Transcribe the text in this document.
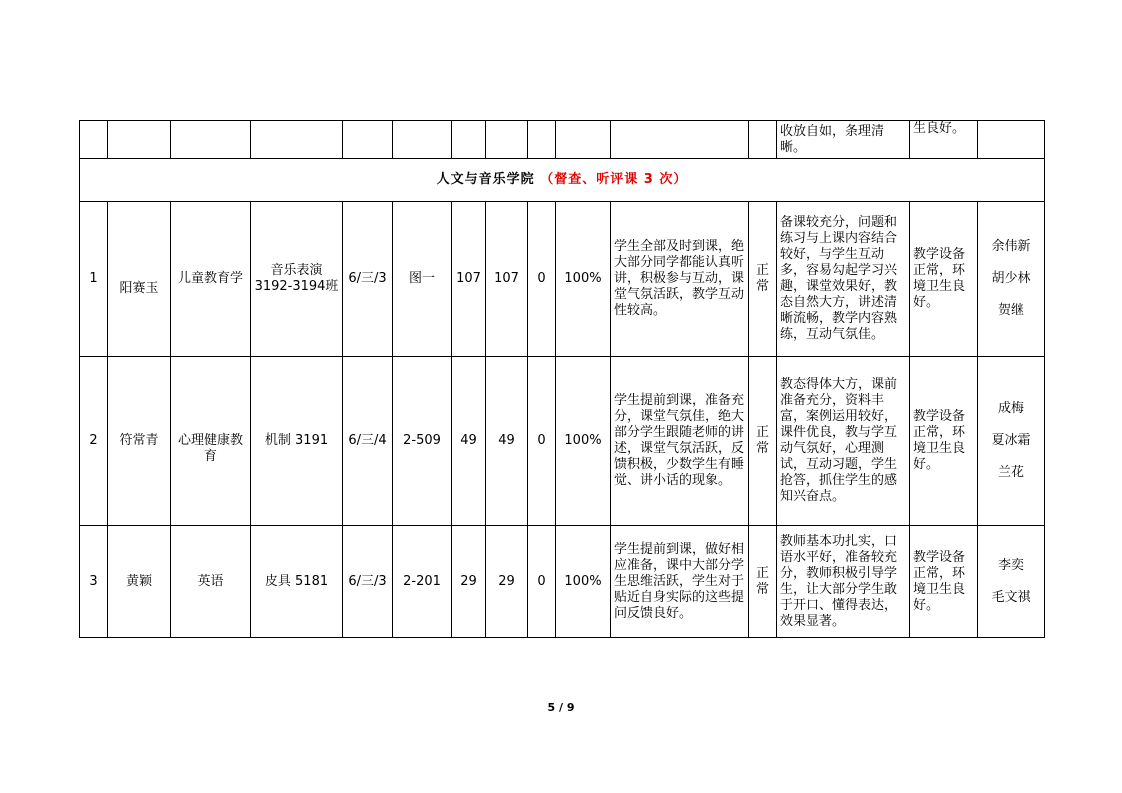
												收放自如，条理清晰。	生良好。	
人文与音乐学院 （督查、听评课 3 次）														
1	阳赛玉	儿童教育学	音乐表演3192-3194班	6/三/3	图一	107	107	0	100%	学生全部及时到课，绝大部分同学都能认真听讲，积极参与互动，课堂气氛活跃，教学互动性较高。	正常	备课较充分，问题和练习与上课内容结合较好，与学生互动多，容易勾起学习兴趣，课堂效果好，教态自然大方，讲述清晰流畅，教学内容熟练，互动气氛佳。	教学设备正常，环境卫生良好。	余伟新
胡少林
贺继

2	符常青	心理健康教育	机制 3191	6/三/4	2-509	49	49	0	100%	学生提前到课，准备充分，课堂气氛佳，绝大部分学生跟随老师的讲述，课堂气氛活跃，反馈积极，少数学生有睡觉、讲小话的现象。	正常	教态得体大方，课前准备充分，资料丰富，案例运用较好，课件优良，教与学互动气氛好，心理测试，互动习题，学生抢答，抓住学生的感知兴奋点。	教学设备正常，环境卫生良好。	成梅
夏冰霜
兰花

3	黄颖	英语	皮具 5181	6/三/3	2-201	29	29	0	100%	学生提前到课，做好相应准备，课中大部分学生思维活跃，学生对于贴近自身实际的这些提问反馈良好。	正常	教师基本功扎实，口语水平好，准备较充分，教师积极引导学生，让大部分学生敢于开口、懂得表达，效果显著。	教学设备正常，环境卫生良好。	李奕
毛文祺
5 / 9
